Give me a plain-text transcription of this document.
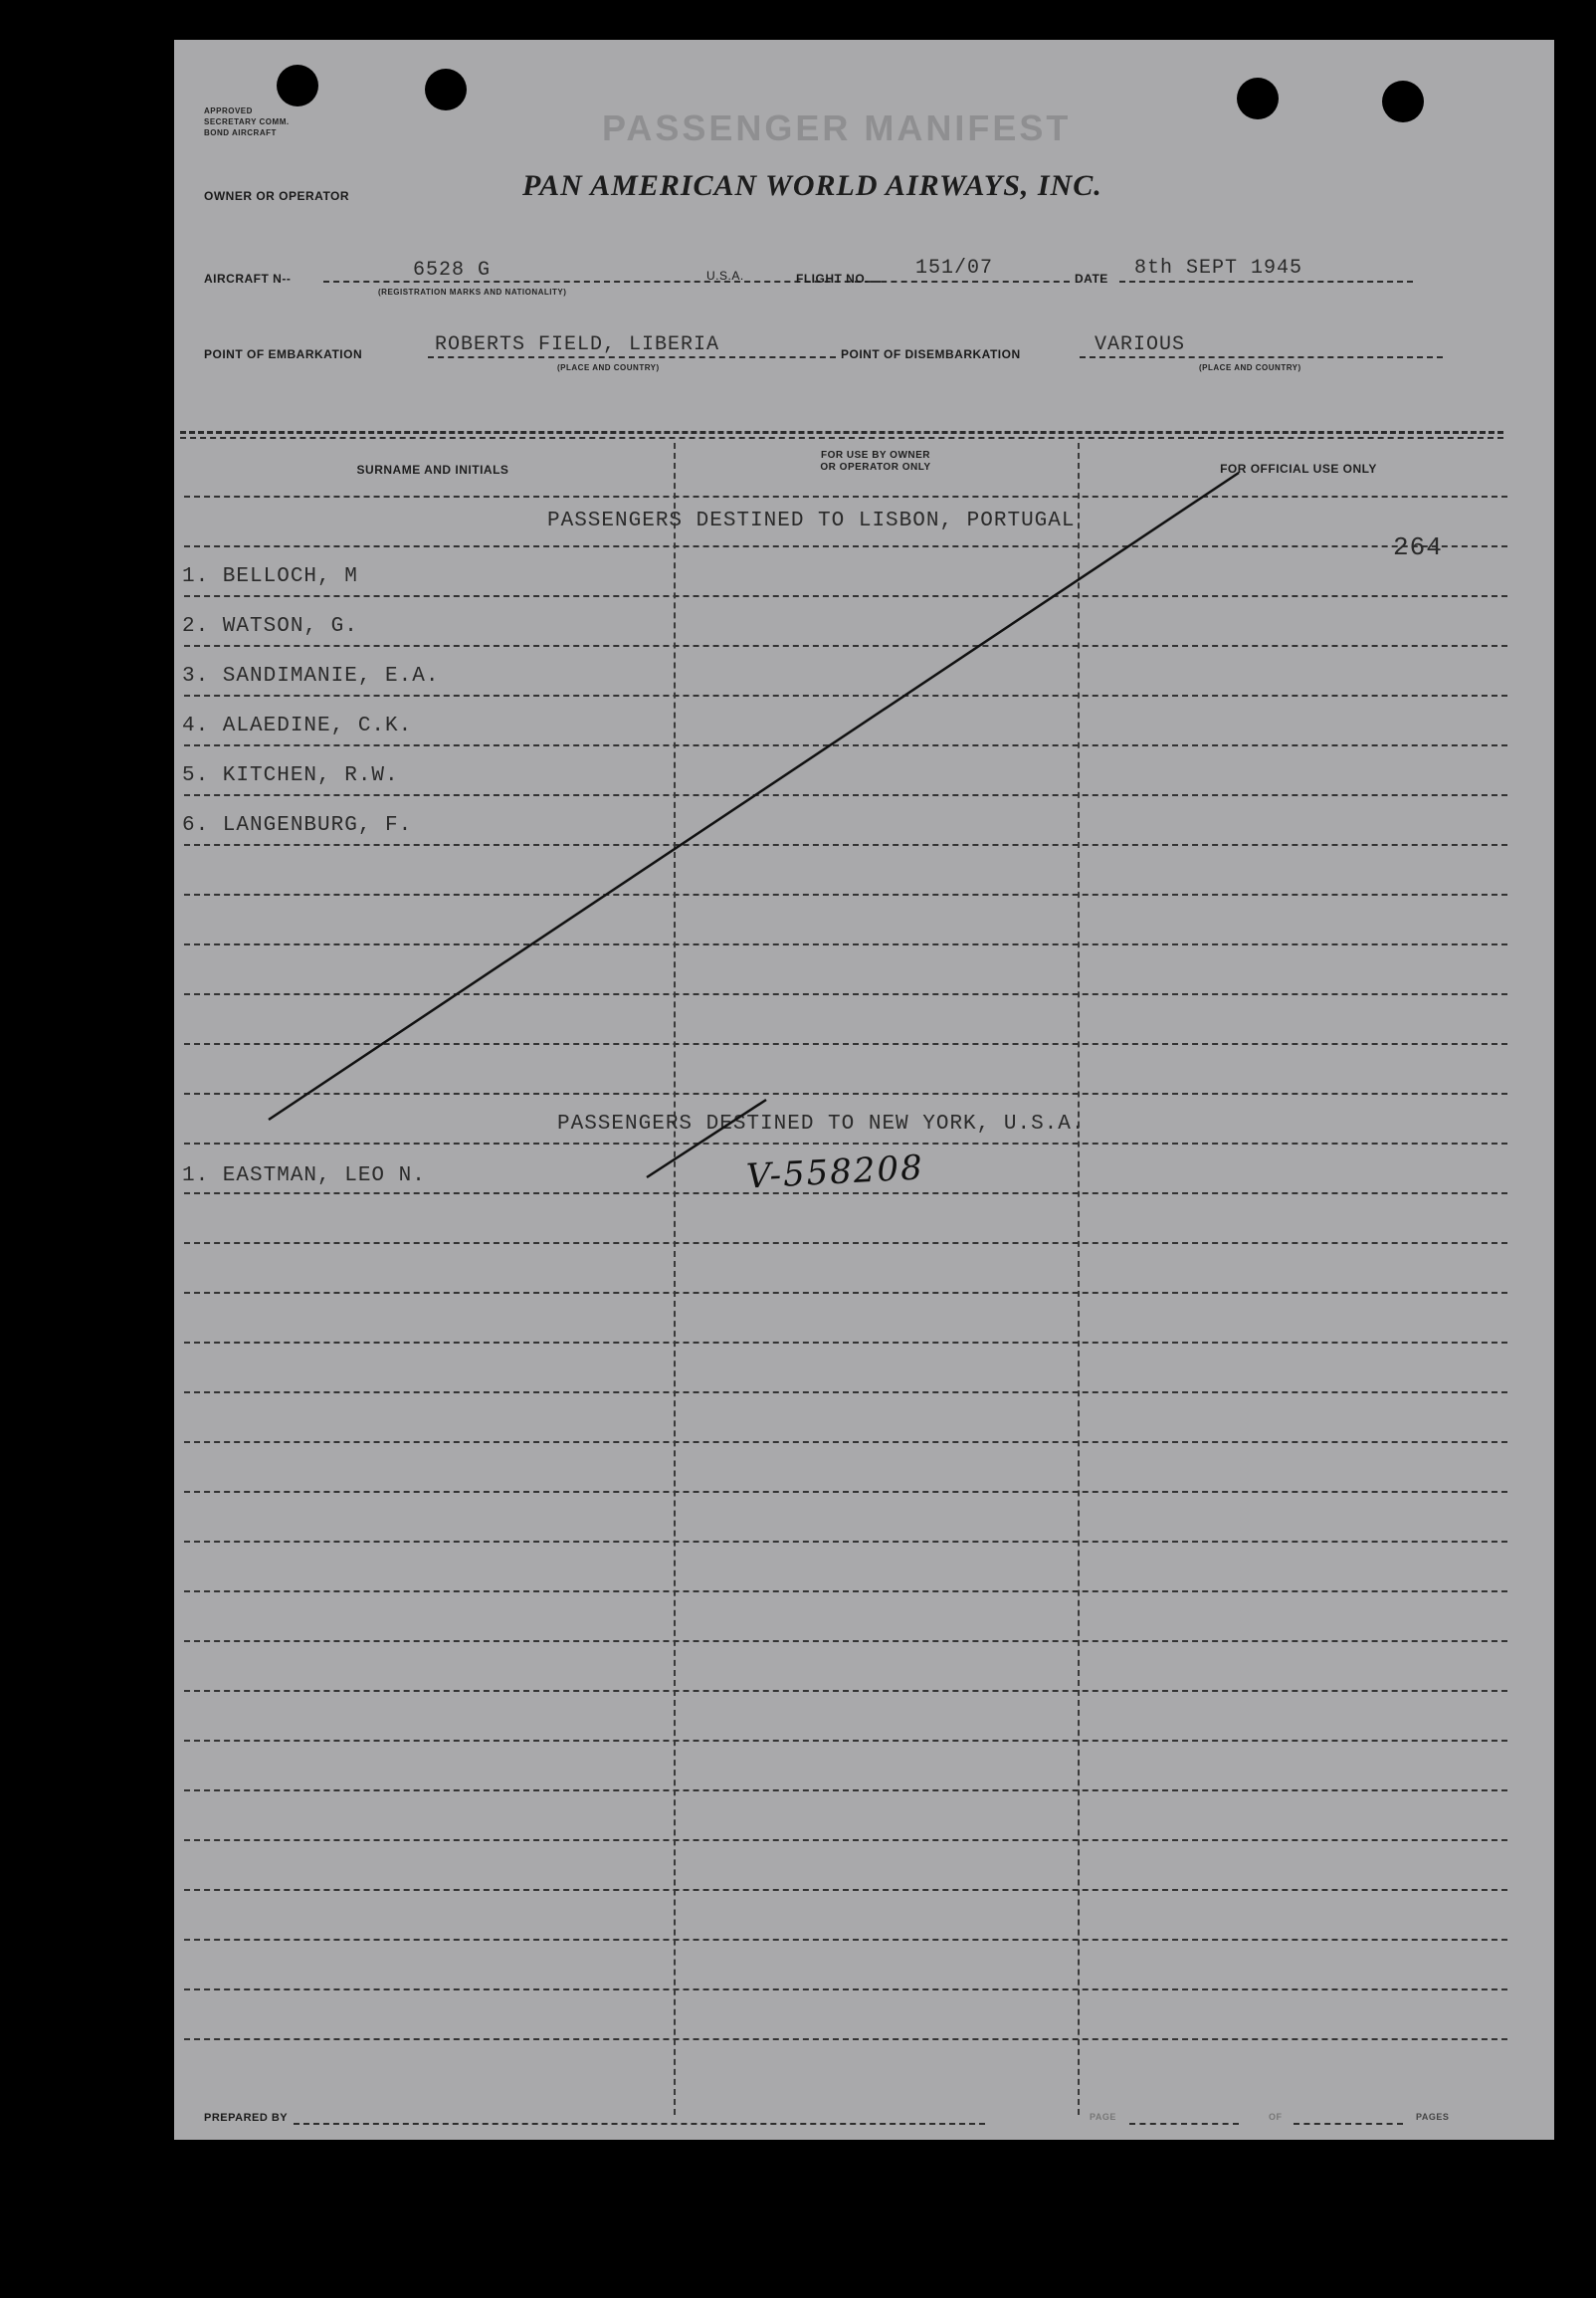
APPROVED
SECRETARY COMM.
BOND AIRCRAFT	PASSENGER MANIFEST
OWNER OR OPERATOR	PAN AMERICAN WORLD AIRWAYS, INC.
AIRCRAFT N--	6528 G
(REGISTRATION MARKS AND NATIONALITY)
U.S.A.	FLIGHT NO. 151/07	DATE 8th SEPT 1945
POINT OF EMBARKATION	ROBERTS FIELD, LIBERIA
(PLACE AND COUNTRY)
POINT OF DISEMBARKATION	VARIOUS
(PLACE AND COUNTRY)
SURNAME AND INITIALS
FOR USE BY OWNER
OR OPERATOR ONLY	FOR OFFICIAL USE ONLY
PASSENGERS DESTINED TO LISBON, PORTUGAL
264
1. BELLOCH, M
2. WATSON, G.
3. SANDIMANIE, E.A.
4. ALAEDINE, C.K.
5. KITCHEN, R.W.
6. LANGENBURG, F.
PASSENGERS DESTINED TO NEW YORK, U.S.A.
1. EASTMAN, LEO N.	V-558208
PREPARED BY	PAGE	OF	PAGES
